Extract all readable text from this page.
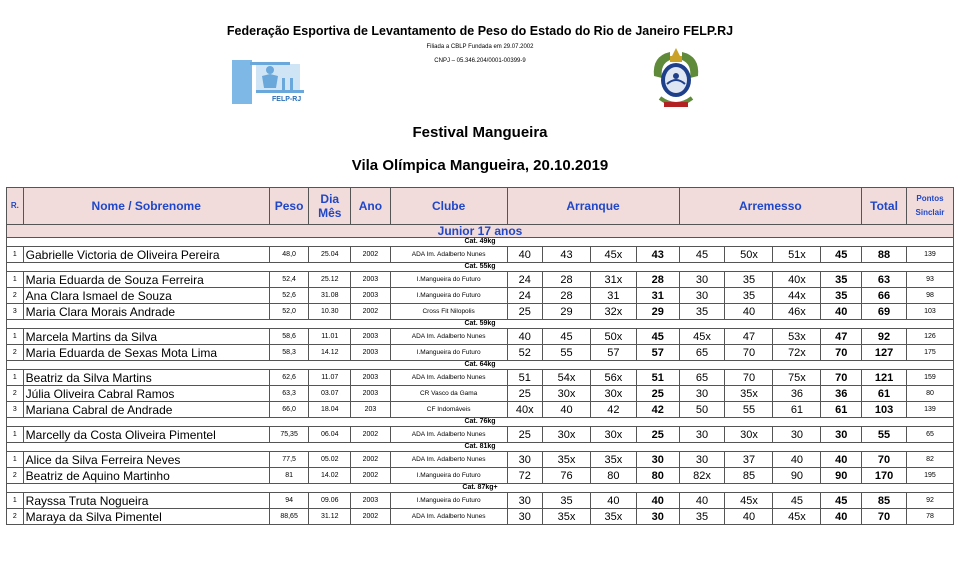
Federação Esportiva de Levantamento de Peso do Estado do Rio de Janeiro FELP.RJ
Filiada a CBLP Fundada em 29.07.2002
CNPJ – 05.346.204/0001-00399-9
FELP-RJ
Festival Mangueira
Vila Olímpica Mangueira, 20.10.2019
R.	Nome / Sobrenome	Peso	Dia
Mês	Ano	Clube	Arranque				Arremesso				Total	Pontos
Sinclair
Junior 17 anos															
Cat. 49kg															
1	Gabrielle Victoria de Oliveira Pereira	48,0	25.04	2002	ADA Im. Adalberto Nunes	40	43	45x	43	45	50x	51x	45	88	139
Cat. 55kg															
1	Maria Eduarda de Souza Ferreira	52,4	25.12	2003	I.Mangueira do Futuro	24	28	31x	28	30	35	40x	35	63	93
2	Ana Clara Ismael de Souza	52,6	31.08	2003	I.Mangueira do Futuro	24	28	31	31	30	35	44x	35	66	98
3	Maria Clara Morais Andrade	52,0	10.30	2002	Cross Fit Nilopolis	25	29	32x	29	35	40	46x	40	69	103
Cat. 59kg															
1	Marcela Martins da Silva	58,6	11.01	2003	ADA Im. Adalberto Nunes	40	45	50x	45	45x	47	53x	47	92	126
2	Maria Eduarda de Sexas Mota Lima	58,3	14.12	2003	I.Mangueira do Futuro	52	55	57	57	65	70	72x	70	127	175
Cat. 64kg															
1	Beatriz da Silva Martins	62,6	11.07	2003	ADA Im. Adalberto Nunes	51	54x	56x	51	65	70	75x	70	121	159
2	Júlia Oliveira Cabral Ramos	63,3	03.07	2003	CR Vasco da Gama	25	30x	30x	25	30	35x	36	36	61	80
3	Mariana Cabral de Andrade	66,0	18.04	203	CF Indomáveis	40x	40	42	42	50	55	61	61	103	139
Cat. 76kg															
1	Marcelly da Costa Oliveira Pimentel	75,35	06.04	2002	ADA Im. Adalberto Nunes	25	30x	30x	25	30	30x	30	30	55	65
Cat. 81kg															
1	Alice da Silva Ferreira Neves	77,5	05.02	2002	ADA Im. Adalberto Nunes	30	35x	35x	30	30	37	40	40	70	82
2	Beatriz de Aquino Martinho	81	14.02	2002	I.Mangueira do Futuro	72	76	80	80	82x	85	90	90	170	195
Cat. 87kg+															
1	Rayssa Truta Nogueira	94	09.06	2003	I.Mangueira do Futuro	30	35	40	40	40	45x	45	45	85	92
2	Maraya da Silva Pimentel	88,65	31.12	2002	ADA Im. Adalberto Nunes	30	35x	35x	30	35	40	45x	40	70	78
